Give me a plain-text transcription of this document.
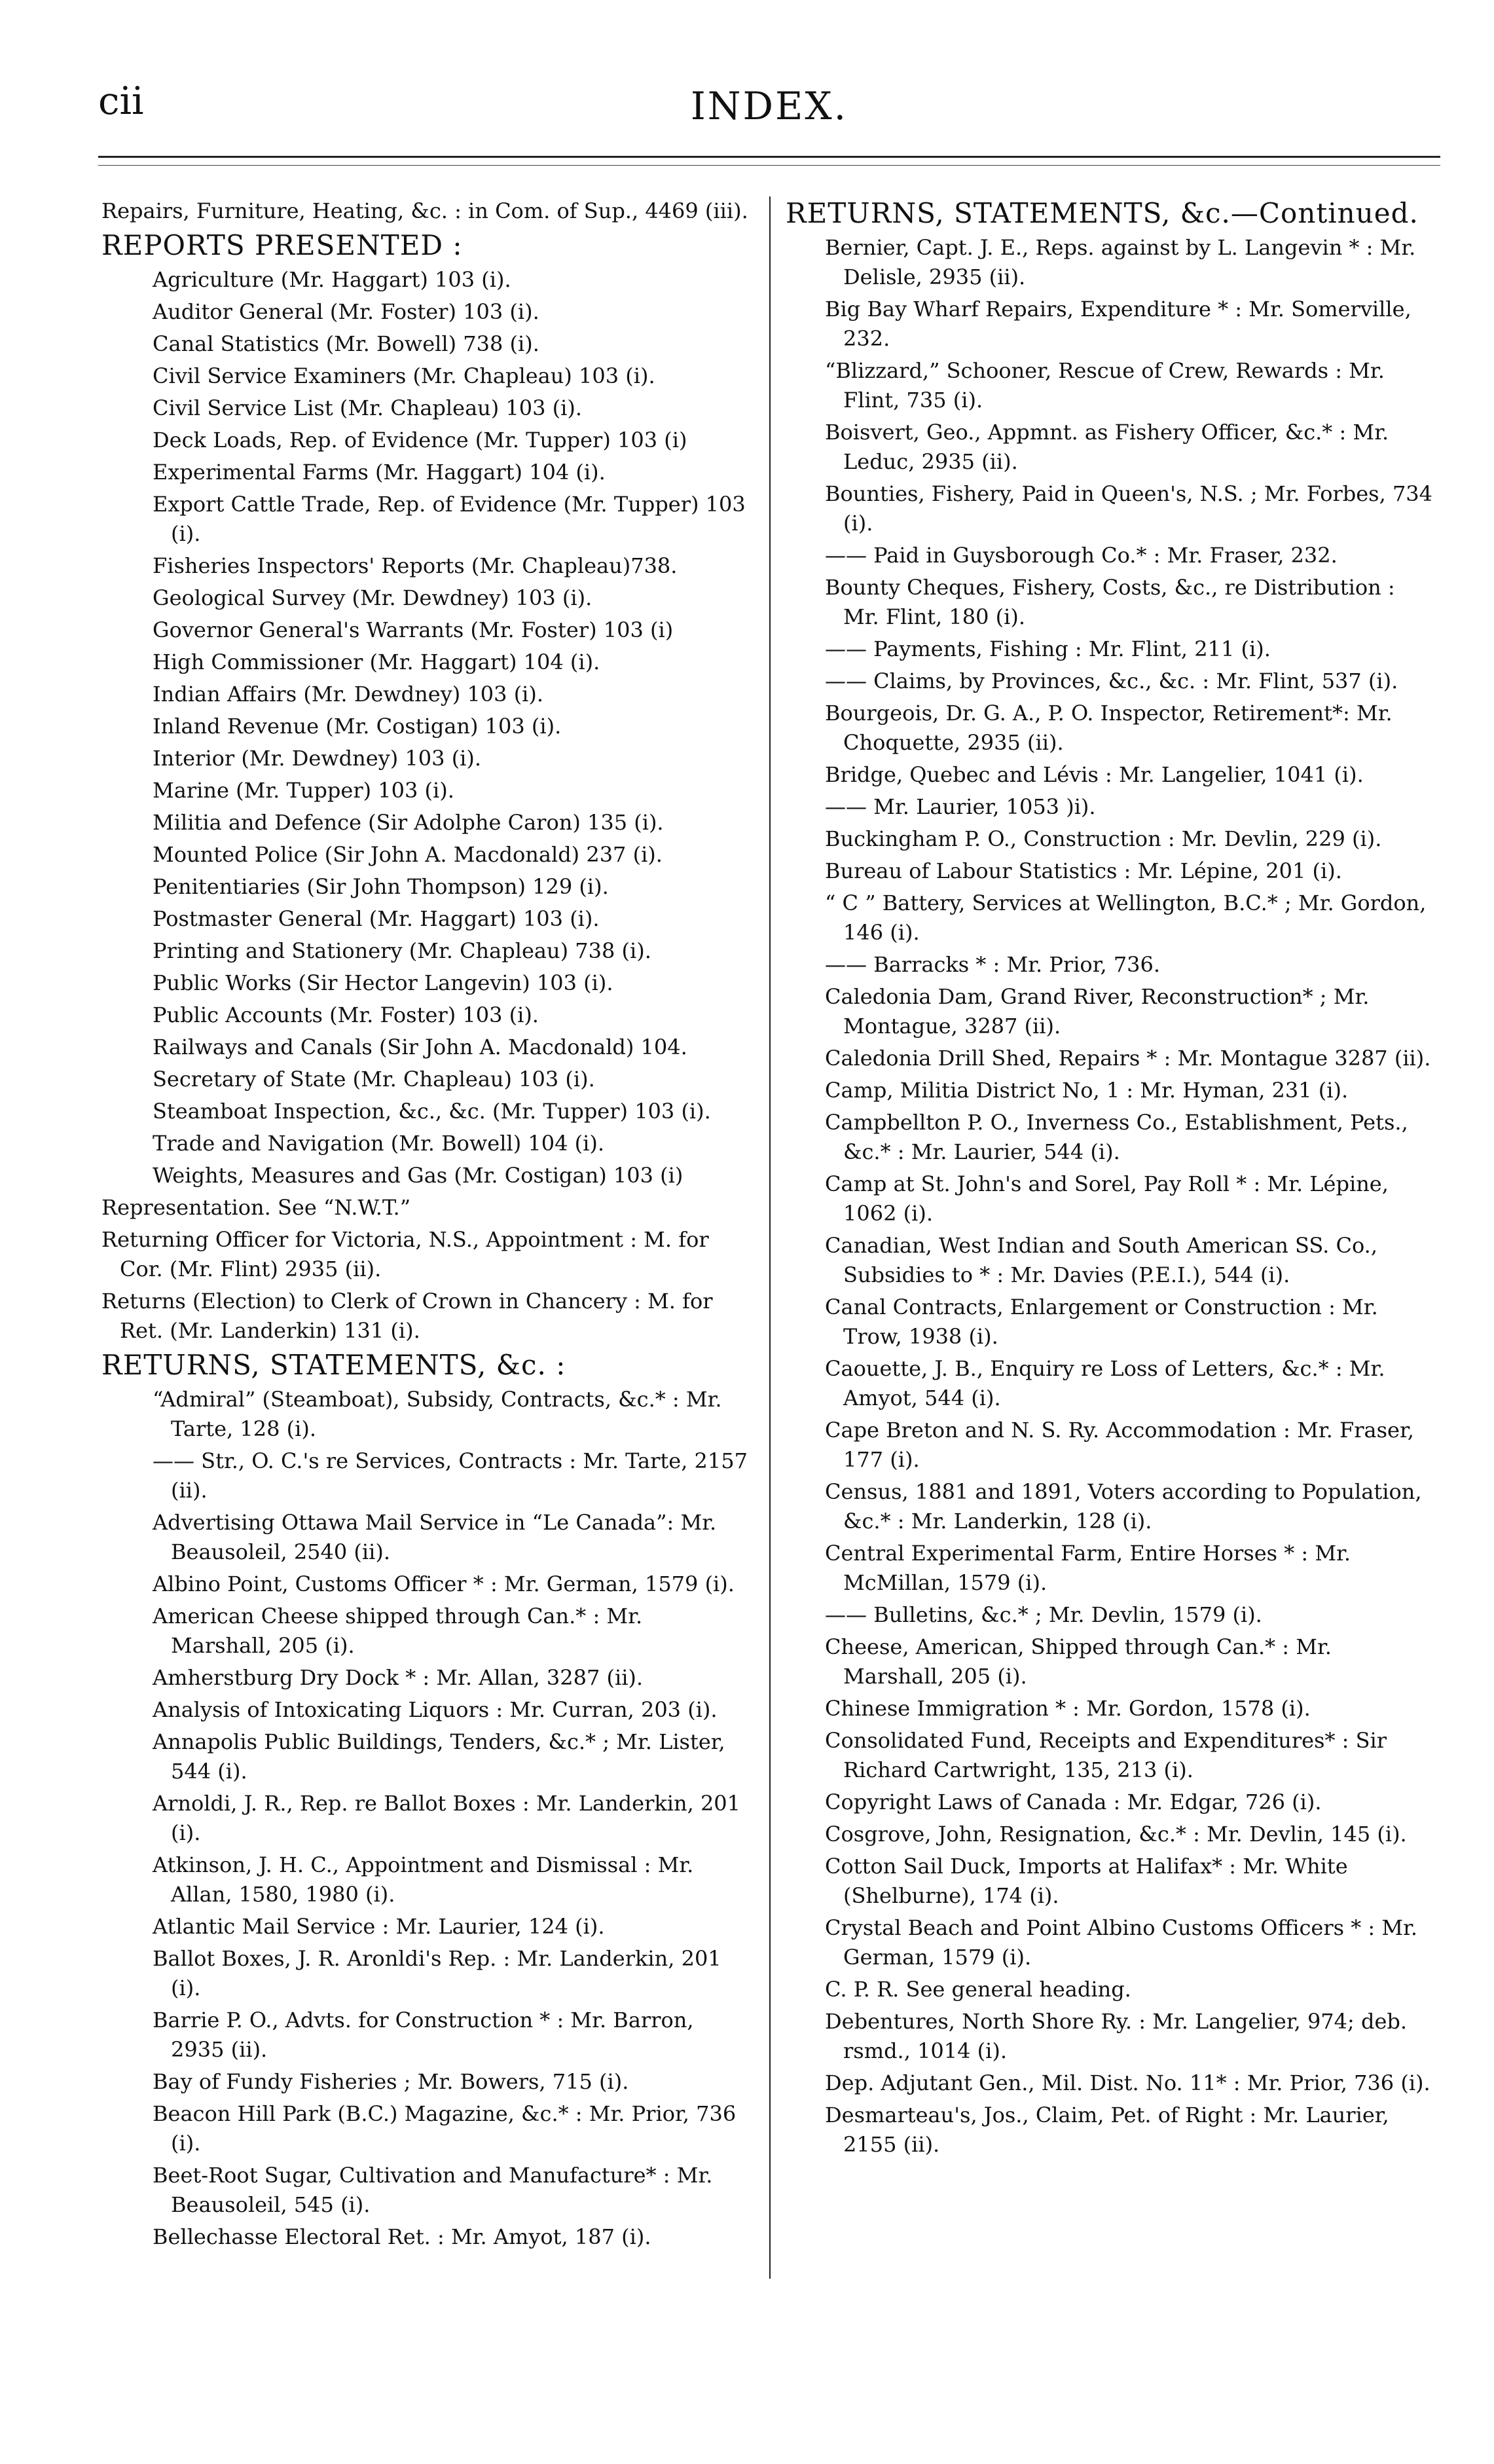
cii	INDEX.

Repairs, Furniture, Heating, &c. : in Com. of Sup., 4469 (iii).

REPORTS PRESENTED :

Agriculture (Mr. Haggart) 103 (i).

Auditor General (Mr. Foster) 103 (i).

Canal Statistics (Mr. Bowell) 738 (i).

Civil Service Examiners (Mr. Chapleau) 103 (i).

Civil Service List (Mr. Chapleau) 103 (i).

Deck Loads, Rep. of Evidence (Mr. Tupper) 103 (i)

Experimental Farms (Mr. Haggart) 104 (i).

Export Cattle Trade, Rep. of Evidence (Mr. Tupper) 103 (i).

Fisheries Inspectors' Reports (Mr. Chapleau)738.

Geological Survey (Mr. Dewdney) 103 (i).

Governor General's Warrants (Mr. Foster) 103 (i)

High Commissioner (Mr. Haggart) 104 (i).

Indian Affairs (Mr. Dewdney) 103 (i).

Inland Revenue (Mr. Costigan) 103 (i).

Interior (Mr. Dewdney) 103 (i).

Marine (Mr. Tupper) 103 (i).

Militia and Defence (Sir Adolphe Caron) 135 (i).

Mounted Police (Sir John A. Macdonald) 237 (i).

Penitentiaries (Sir John Thompson) 129 (i).

Postmaster General (Mr. Haggart) 103 (i).

Printing and Stationery (Mr. Chapleau) 738 (i).

Public Works (Sir Hector Langevin) 103 (i).

Public Accounts (Mr. Foster) 103 (i).

Railways and Canals (Sir John A. Macdonald) 104.

Secretary of State (Mr. Chapleau) 103 (i).

Steamboat Inspection, &c., &c. (Mr. Tupper) 103 (i).

Trade and Navigation (Mr. Bowell) 104 (i).

Weights, Measures and Gas (Mr. Costigan) 103 (i)

Representation. See “N.W.T.”

Returning Officer for Victoria, N.S., Appointment : M. for Cor. (Mr. Flint) 2935 (ii).

Returns (Election) to Clerk of Crown in Chancery : M. for Ret. (Mr. Landerkin) 131 (i).

RETURNS, STATEMENTS, &c. :

“Admiral” (Steamboat), Subsidy, Contracts, &c.* : Mr. Tarte, 128 (i).

—— Str., O. C.'s re Services, Contracts : Mr. Tarte, 2157 (ii).

Advertising Ottawa Mail Service in “Le Canada”: Mr. Beausoleil, 2540 (ii).

Albino Point, Customs Officer * : Mr. German, 1579 (i).

American Cheese shipped through Can.* : Mr. Marshall, 205 (i).

Amherstburg Dry Dock * : Mr. Allan, 3287 (ii).

Analysis of Intoxicating Liquors : Mr. Curran, 203 (i).

Annapolis Public Buildings, Tenders, &c.* ; Mr. Lister, 544 (i).

Arnoldi, J. R., Rep. re Ballot Boxes : Mr. Landerkin, 201 (i).

Atkinson, J. H. C., Appointment and Dismissal : Mr. Allan, 1580, 1980 (i).

Atlantic Mail Service : Mr. Laurier, 124 (i).

Ballot Boxes, J. R. Aronldi's Rep. : Mr. Landerkin, 201 (i).

Barrie P. O., Advts. for Construction * : Mr. Barron, 2935 (ii).

Bay of Fundy Fisheries ; Mr. Bowers, 715 (i).

Beacon Hill Park (B.C.) Magazine, &c.* : Mr. Prior, 736 (i).

Beet-Root Sugar, Cultivation and Manufacture* : Mr. Beausoleil, 545 (i).

Bellechasse Electoral Ret. : Mr. Amyot, 187 (i).

RETURNS, STATEMENTS, &c.—Continued.

Bernier, Capt. J. E., Reps. against by L. Langevin * : Mr. Delisle, 2935 (ii).

Big Bay Wharf Repairs, Expenditure * : Mr. Somerville, 232.

“Blizzard,” Schooner, Rescue of Crew, Rewards : Mr. Flint, 735 (i).

Boisvert, Geo., Appmnt. as Fishery Officer, &c.* : Mr. Leduc, 2935 (ii).

Bounties, Fishery, Paid in Queen's, N.S. ; Mr. Forbes, 734 (i).

—— Paid in Guysborough Co.* : Mr. Fraser, 232.

Bounty Cheques, Fishery, Costs, &c., re Distribution : Mr. Flint, 180 (i).

—— Payments, Fishing : Mr. Flint, 211 (i).

—— Claims, by Provinces, &c., &c. : Mr. Flint, 537 (i).

Bourgeois, Dr. G. A., P. O. Inspector, Retirement*: Mr. Choquette, 2935 (ii).

Bridge, Quebec and Lévis : Mr. Langelier, 1041 (i).

—— Mr. Laurier, 1053 )i).

Buckingham P. O., Construction : Mr. Devlin, 229 (i).

Bureau of Labour Statistics : Mr. Lépine, 201 (i).

“ C ” Battery, Services at Wellington, B.C.* ; Mr. Gordon, 146 (i).

—— Barracks * : Mr. Prior, 736.

Caledonia Dam, Grand River, Reconstruction* ; Mr. Montague, 3287 (ii).

Caledonia Drill Shed, Repairs * : Mr. Montague 3287 (ii).

Camp, Militia District No, 1 : Mr. Hyman, 231 (i).

Campbellton P. O., Inverness Co., Establishment, Pets., &c.* : Mr. Laurier, 544 (i).

Camp at St. John's and Sorel, Pay Roll * : Mr. Lépine, 1062 (i).

Canadian, West Indian and South American SS. Co., Subsidies to * : Mr. Davies (P.E.I.), 544 (i).

Canal Contracts, Enlargement or Construction : Mr. Trow, 1938 (i).

Caouette, J. B., Enquiry re Loss of Letters, &c.* : Mr. Amyot, 544 (i).

Cape Breton and N. S. Ry. Accommodation : Mr. Fraser, 177 (i).

Census, 1881 and 1891, Voters according to Population, &c.* : Mr. Landerkin, 128 (i).

Central Experimental Farm, Entire Horses * : Mr. McMillan, 1579 (i).

—— Bulletins, &c.* ; Mr. Devlin, 1579 (i).

Cheese, American, Shipped through Can.* : Mr. Marshall, 205 (i).

Chinese Immigration * : Mr. Gordon, 1578 (i).

Consolidated Fund, Receipts and Expenditures* : Sir Richard Cartwright, 135, 213 (i).

Copyright Laws of Canada : Mr. Edgar, 726 (i).

Cosgrove, John, Resignation, &c.* : Mr. Devlin, 145 (i).

Cotton Sail Duck, Imports at Halifax* : Mr. White (Shelburne), 174 (i).

Crystal Beach and Point Albino Customs Officers * : Mr. German, 1579 (i).

C. P. R. See general heading.

Debentures, North Shore Ry. : Mr. Langelier, 974; deb. rsmd., 1014 (i).

Dep. Adjutant Gen., Mil. Dist. No. 11* : Mr. Prior, 736 (i).

Desmarteau's, Jos., Claim, Pet. of Right : Mr. Laurier, 2155 (ii).
